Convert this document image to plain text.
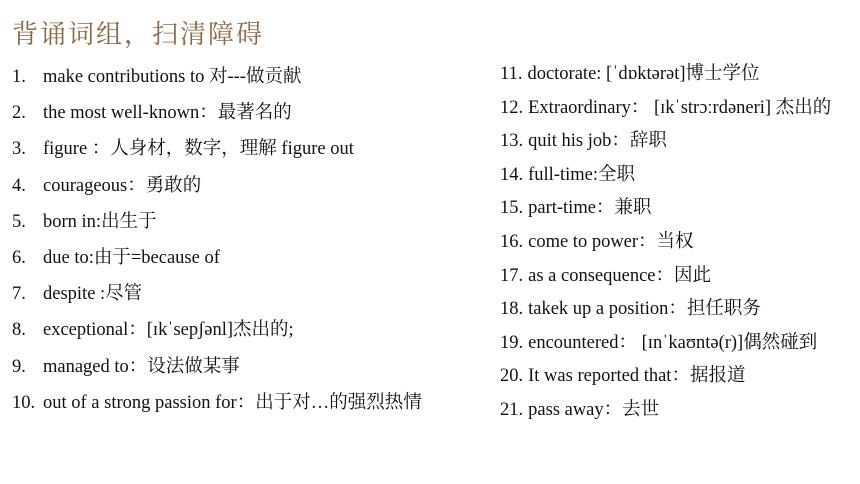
背诵词组，扫清障碍
1. make contributions to 对---做贡献
2. the most well-known：最著名的
3. figure ：人身材，数字，理解 figure out
4. courageous：勇敢的
5. born in:出生于
6. due to:由于=because of
7. despite :尽管
8. exceptional：[ɪkˈsepʃənl]杰出的;
9. managed to：设法做某事
10. out of a strong passion for：出于对…的强烈热情
11. doctorate: [ˈdɒktərət]博士学位
12. Extraordinary： [ɪkˈstrɔːrdəneri] 杰出的
13. quit his job：辞职
14. full-time:全职
15. part-time：兼职
16. come to power：当权
17. as a consequence：因此
18. takek up a position：担任职务
19. encountered： [ɪnˈkaʊntə(r)]偶然碰到
20. It was reported that：据报道
21. pass away：去世
